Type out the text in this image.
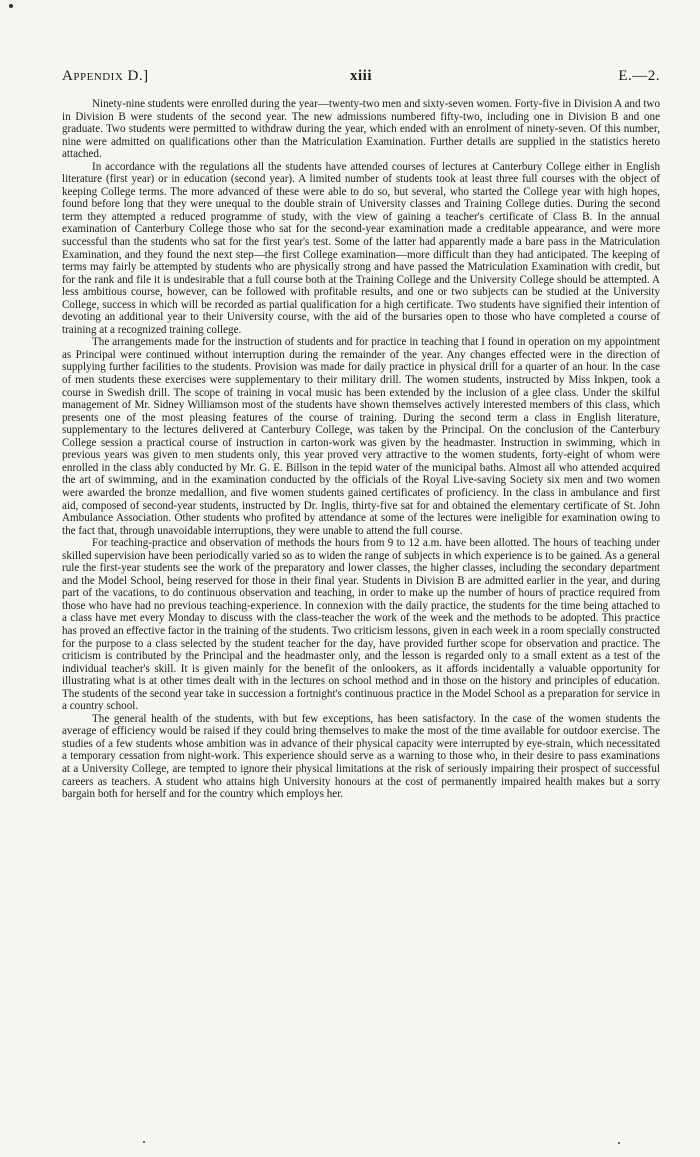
Appendix D.]	xiii	E.—2.

Ninety-nine students were enrolled during the year—twenty-two men and sixty-seven women. Forty-five in Division A and two in Division B were students of the second year. The new admissions numbered fifty-two, including one in Division B and one graduate. Two students were permitted to withdraw during the year, which ended with an enrolment of ninety-seven. Of this number, nine were admitted on qualifications other than the Matriculation Examination. Further details are supplied in the statistics hereto attached.

In accordance with the regulations all the students have attended courses of lectures at Canterbury College either in English literature (first year) or in education (second year). A limited number of students took at least three full courses with the object of keeping College terms. The more advanced of these were able to do so, but several, who started the College year with high hopes, found before long that they were unequal to the double strain of University classes and Training College duties. During the second term they attempted a reduced programme of study, with the view of gaining a teacher's certificate of Class B. In the annual examination of Canterbury College those who sat for the second-year examination made a creditable appearance, and were more successful than the students who sat for the first year's test. Some of the latter had apparently made a bare pass in the Matriculation Examination, and they found the next step—the first College examination—more difficult than they had anticipated. The keeping of terms may fairly be attempted by students who are physically strong and have passed the Matriculation Examination with credit, but for the rank and file it is undesirable that a full course both at the Training College and the University College should be attempted. A less ambitious course, however, can be followed with profitable results, and one or two subjects can be studied at the University College, success in which will be recorded as partial qualification for a high certificate. Two students have signified their intention of devoting an additional year to their University course, with the aid of the bursaries open to those who have completed a course of training at a recognized training college.

The arrangements made for the instruction of students and for practice in teaching that I found in operation on my appointment as Principal were continued without interruption during the remainder of the year. Any changes effected were in the direction of supplying further facilities to the students. Provision was made for daily practice in physical drill for a quarter of an hour. In the case of men students these exercises were supplementary to their military drill. The women students, instructed by Miss Inkpen, took a course in Swedish drill. The scope of training in vocal music has been extended by the inclusion of a glee class. Under the skilful management of Mr. Sidney Williamson most of the students have shown themselves actively interested members of this class, which presents one of the most pleasing features of the course of training. During the second term a class in English literature, supplementary to the lectures delivered at Canterbury College, was taken by the Principal. On the conclusion of the Canterbury College session a practical course of instruction in carton-work was given by the headmaster. Instruction in swimming, which in previous years was given to men students only, this year proved very attractive to the women students, forty-eight of whom were enrolled in the class ably conducted by Mr. G. E. Billson in the tepid water of the municipal baths. Almost all who attended acquired the art of swimming, and in the examination conducted by the officials of the Royal Live-saving Society six men and two women were awarded the bronze medallion, and five women students gained certificates of proficiency. In the class in ambulance and first aid, composed of second-year students, instructed by Dr. Inglis, thirty-five sat for and obtained the elementary certificate of St. John Ambulance Association. Other students who profited by attendance at some of the lectures were ineligible for examination owing to the fact that, through unavoidable interruptions, they were unable to attend the full course.

For teaching-practice and observation of methods the hours from 9 to 12 a.m. have been allotted. The hours of teaching under skilled supervision have been periodically varied so as to widen the range of subjects in which experience is to be gained. As a general rule the first-year students see the work of the preparatory and lower classes, the higher classes, including the secondary department and the Model School, being reserved for those in their final year. Students in Division B are admitted earlier in the year, and during part of the vacations, to do continuous observation and teaching, in order to make up the number of hours of practice required from those who have had no previous teaching-experience. In connexion with the daily practice, the students for the time being attached to a class have met every Monday to discuss with the class-teacher the work of the week and the methods to be adopted. This practice has proved an effective factor in the training of the students. Two criticism lessons, given in each week in a room specially constructed for the purpose to a class selected by the student teacher for the day, have provided further scope for observation and practice. The criticism is contributed by the Principal and the headmaster only, and the lesson is regarded only to a small extent as a test of the individual teacher's skill. It is given mainly for the benefit of the onlookers, as it affords incidentally a valuable opportunity for illustrating what is at other times dealt with in the lectures on school method and in those on the history and principles of education. The students of the second year take in succession a fortnight's continuous practice in the Model School as a preparation for service in a country school.

The general health of the students, with but few exceptions, has been satisfactory. In the case of the women students the average of efficiency would be raised if they could bring themselves to make the most of the time available for outdoor exercise. The studies of a few students whose ambition was in advance of their physical capacity were interrupted by eye-strain, which necessitated a temporary cessation from night-work. This experience should serve as a warning to those who, in their desire to pass examinations at a University College, are tempted to ignore their physical limitations at the risk of seriously impairing their prospect of successful careers as teachers. A student who attains high University honours at the cost of permanently impaired health makes but a sorry bargain both for herself and for the country which employs her.
